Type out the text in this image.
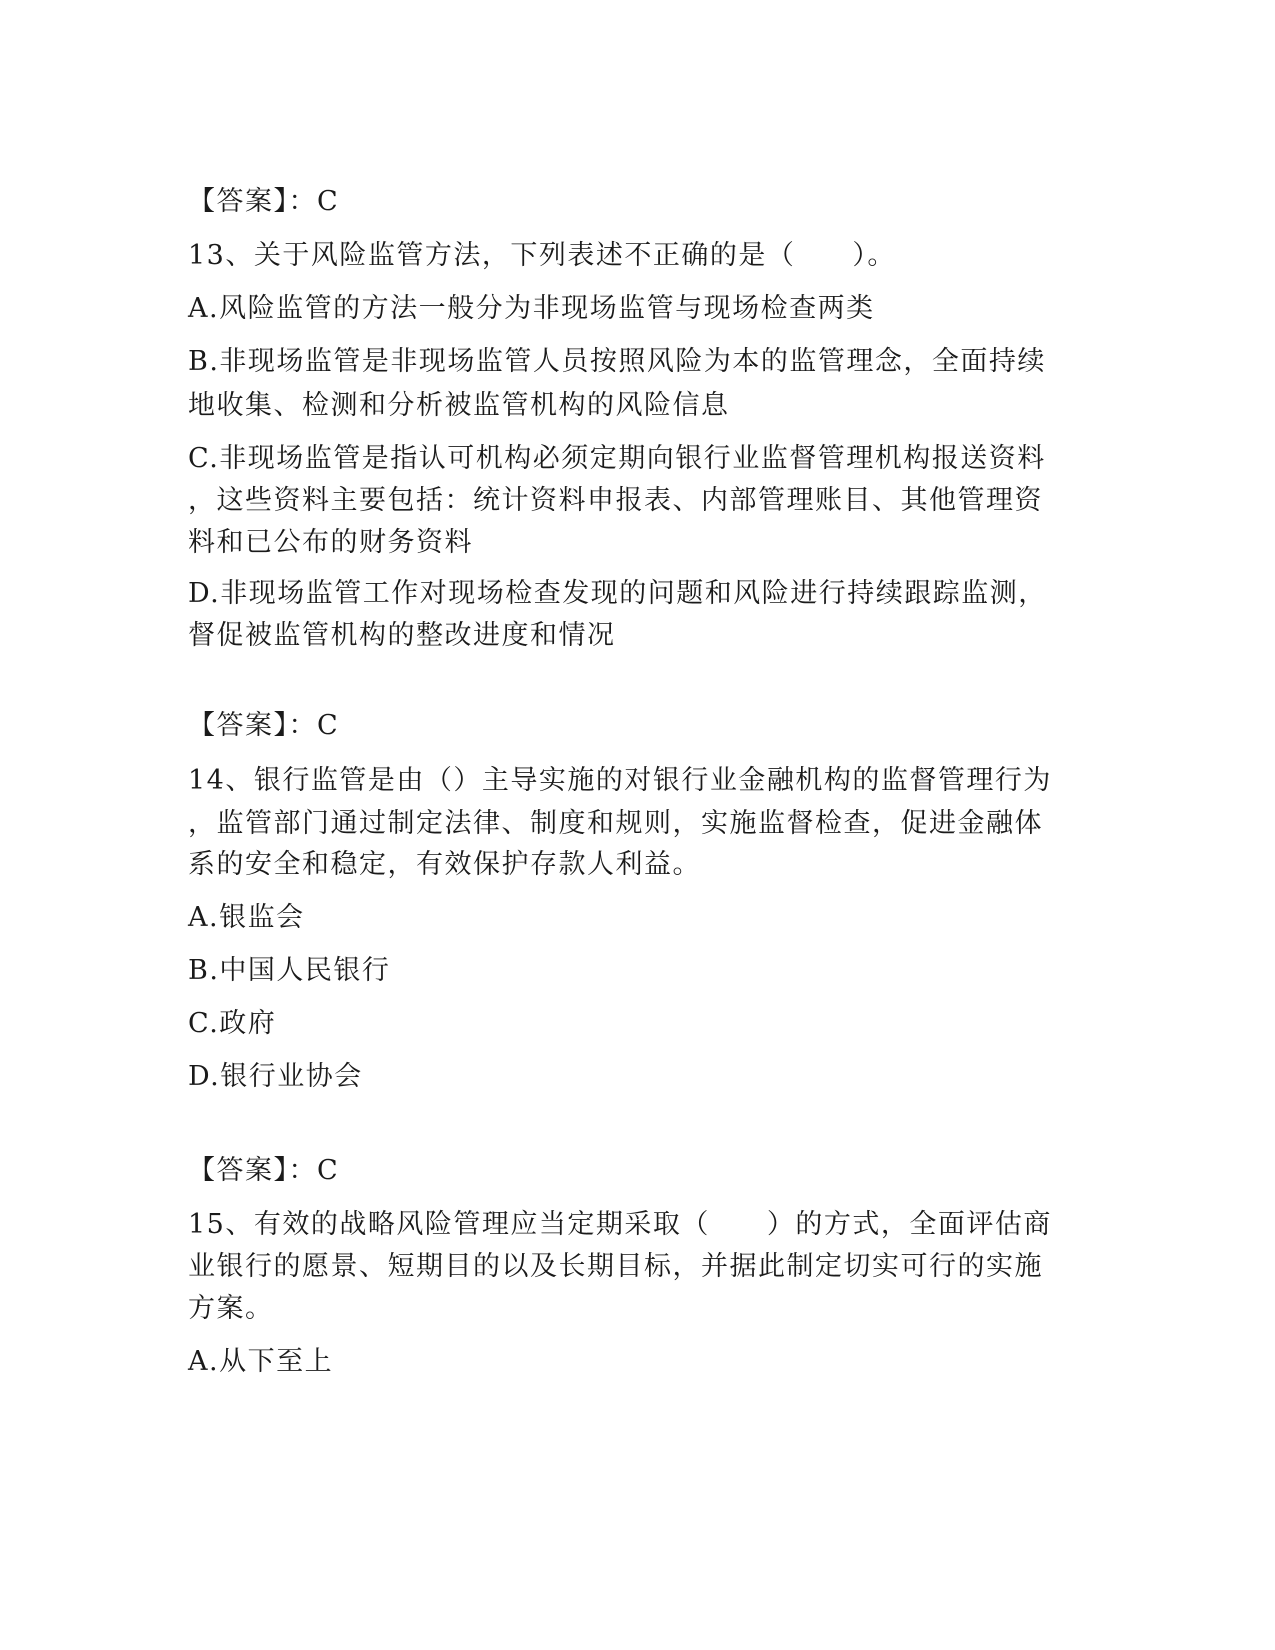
【答案】：C
13、关于风险监管方法，下列表述不正确的是（　　）。
A.风险监管的方法一般分为非现场监管与现场检查两类
B.非现场监管是非现场监管人员按照风险为本的监管理念，全面持续
地收集、检测和分析被监管机构的风险信息
C.非现场监管是指认可机构必须定期向银行业监督管理机构报送资料
，这些资料主要包括：统计资料申报表、内部管理账目、其他管理资
料和已公布的财务资料
D.非现场监管工作对现场检查发现的问题和风险进行持续跟踪监测，
督促被监管机构的整改进度和情况
【答案】：C
14、银行监管是由（）主导实施的对银行业金融机构的监督管理行为
，监管部门通过制定法律、制度和规则，实施监督检查，促进金融体
系的安全和稳定，有效保护存款人利益。
A.银监会
B.中国人民银行
C.政府
D.银行业协会
【答案】：C
15、有效的战略风险管理应当定期采取（　　）的方式，全面评估商
业银行的愿景、短期目的以及长期目标，并据此制定切实可行的实施
方案。
A.从下至上
